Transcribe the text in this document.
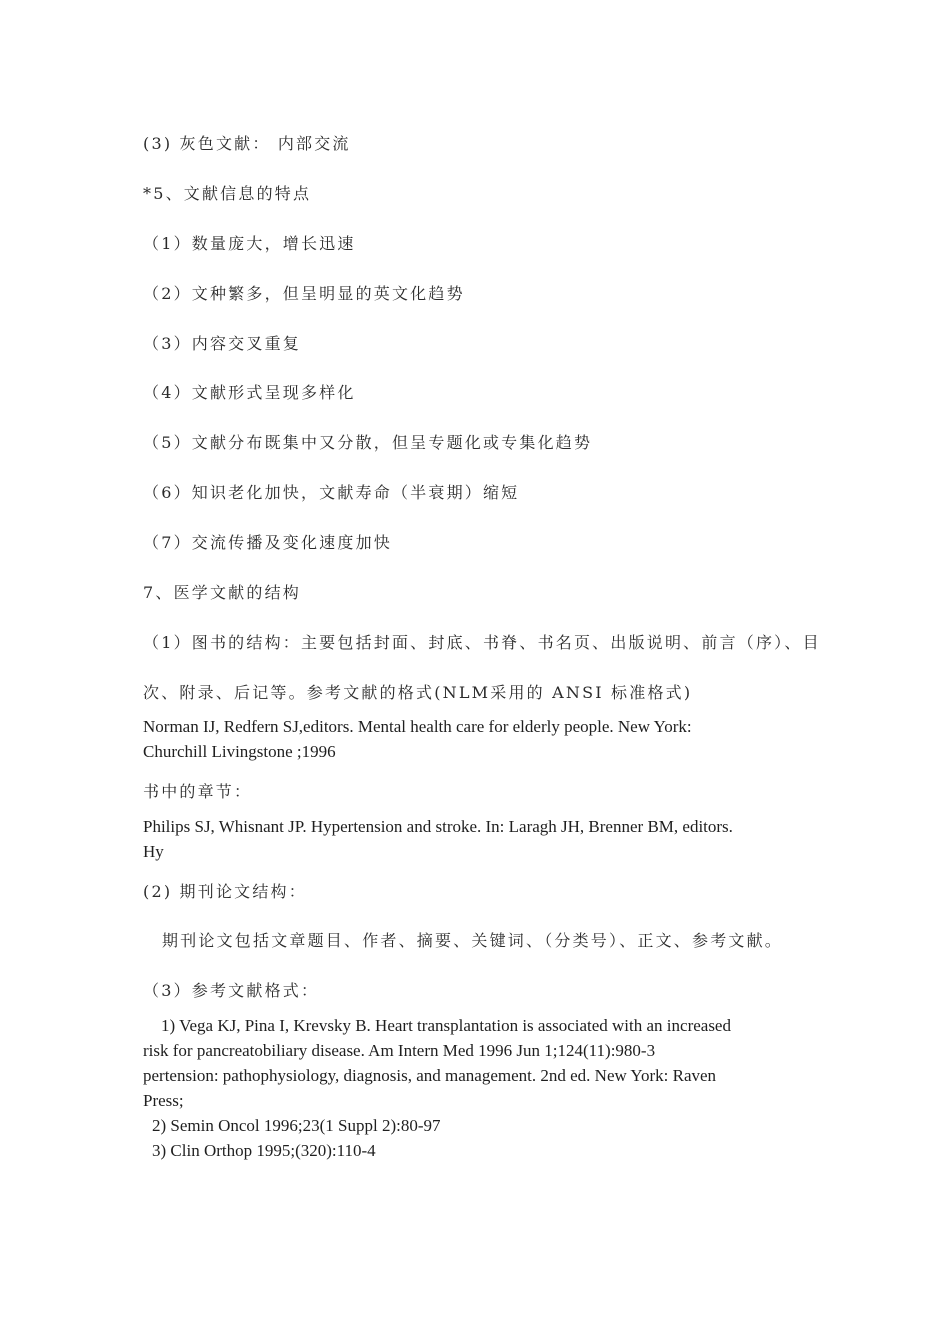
(3) 灰色文献： 内部交流
*5、文献信息的特点
（1）数量庞大，增长迅速
（2）文种繁多，但呈明显的英文化趋势
（3）内容交叉重复
（4）文献形式呈现多样化
（5）文献分布既集中又分散，但呈专题化或专集化趋势
（6）知识老化加快，文献寿命（半衰期）缩短
（7）交流传播及变化速度加快
7、医学文献的结构
（1）图书的结构：主要包括封面、封底、书脊、书名页、出版说明、前言（序）、目
次、附录、后记等。参考文献的格式(NLM采用的 ANSI 标准格式)
Norman IJ, Redfern SJ,editors. Mental health care for elderly people. New York:
Churchill Livingstone ;1996
书中的章节：
Philips SJ, Whisnant JP. Hypertension and stroke. In: Laragh JH, Brenner BM, editors.
Hy
(2) 期刊论文结构：
期刊论文包括文章题目、作者、摘要、关键词、（分类号）、正文、参考文献。
（3）参考文献格式：
1) Vega KJ, Pina I, Krevsky B. Heart transplantation is associated with an increased
risk for pancreatobiliary disease. Am Intern Med 1996 Jun 1;124(11):980-3
pertension: pathophysiology, diagnosis, and management. 2nd ed. New York: Raven
Press;
2) Semin Oncol 1996;23(1 Suppl 2):80-97
3) Clin Orthop 1995;(320):110-4
